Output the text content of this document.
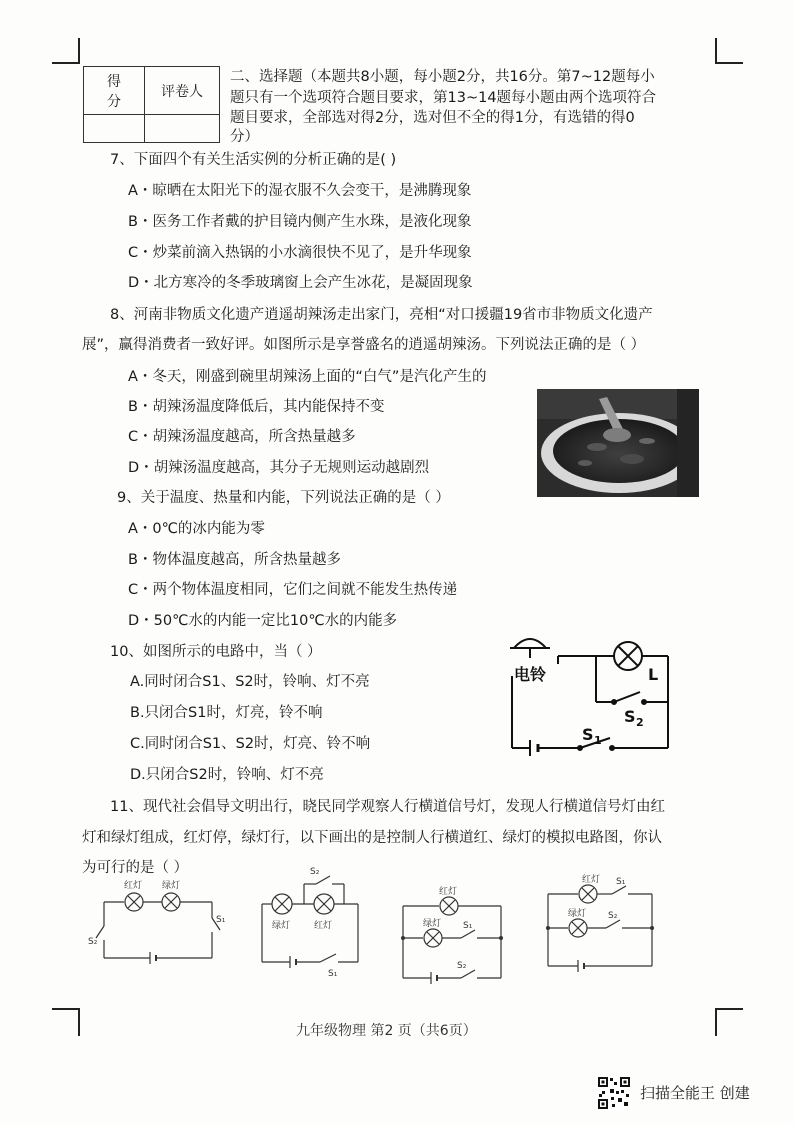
得
分	评卷人

二、选择题（本题共8小题，每小题2分，共16分。第7~12题每小
题只有一个选项符合题目要求，第13~14题每小题由两个选项符合
题目要求，全部选对得2分，选对但不全的得1分，有选错的得0
分）
7、下面四个有关生活实例的分析正确的是( )
A・晾晒在太阳光下的湿衣服不久会变干，是沸腾现象
B・医务工作者戴的护目镜内侧产生水珠，是液化现象
C・炒菜前滴入热锅的小水滴很快不见了，是升华现象
D・北方寒冷的冬季玻璃窗上会产生冰花，是凝固现象
8、河南非物质文化遗产逍遥胡辣汤走出家门，亮相“对口援疆19省市非物质文化遗产
展”，赢得消费者一致好评。如图所示是享誉盛名的逍遥胡辣汤。下列说法正确的是（ ）
A・冬天，刚盛到碗里胡辣汤上面的“白气”是汽化产生的
B・胡辣汤温度降低后，其内能保持不变
C・胡辣汤温度越高，所含热量越多
D・胡辣汤温度越高，其分子无规则运动越剧烈
9、关于温度、热量和内能，下列说法正确的是（ ）
A・0℃的冰内能为零
B・物体温度越高，所含热量越多
C・两个物体温度相同，它们之间就不能发生热传递
D・50℃水的内能一定比10℃水的内能多
10、如图所示的电路中，当（ ）
A.同时闭合S1、S2时，铃响、灯不亮
B.只闭合S1时，灯亮，铃不响
C.同时闭合S1、S2时，灯亮、铃不响
D.只闭合S2时，铃响、灯不亮
电铃	L
S 2
S 1
11、现代社会倡导文明出行，晓民同学观察人行横道信号灯，发现人行横道信号灯由红
灯和绿灯组成，红灯停，绿灯行，以下画出的是控制人行横道红、绿灯的模拟电路图，你认
为可行的是（ ）
红灯 绿灯
S₂
S₁
S₂
绿灯	红灯
S₁
红灯
绿灯 S₁
S₂
红灯 S₁
绿灯 S₂
九年级物理 第2 页（共6页）
扫描全能王 创建
